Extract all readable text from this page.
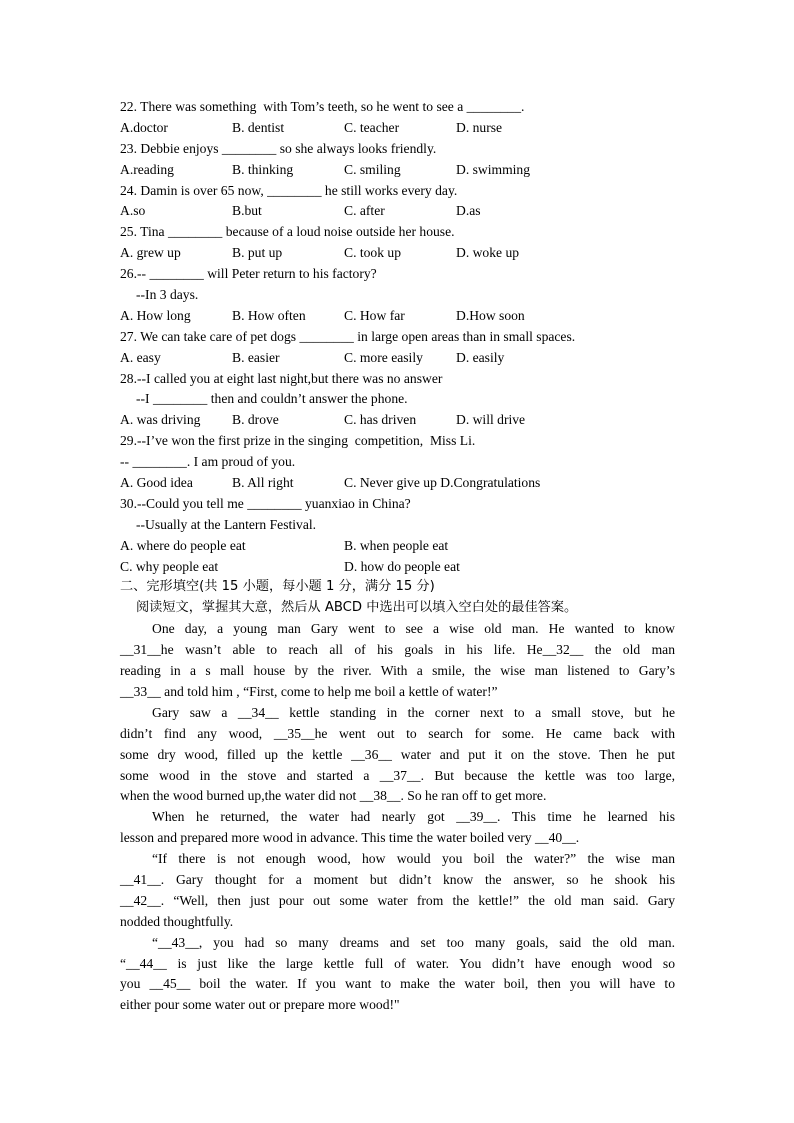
22. There was something  with Tom’s teeth, so he went to see a ________.

A.doctor

	B. dentist

	C. teacher

	D. nurse

23. Debbie enjoys ________ so she always looks friendly.

A.reading

	B. thinking

	C. smiling

	D. swimming

24. Damin is over 65 now, ________ he still works every day.

A.so

	B.but

	C. after

	D.as

25. Tina ________ because of a loud noise outside her house.

A. grew up

	B. put up

	C. took up

	D. woke up

26.-- ________ will Peter return to his factory?
--In 3 days.

A. How long

	B. How often

	C. How far

	D.How soon

27. We can take care of pet dogs ________ in large open areas than in small spaces.

A. easy

	B. easier

	C. more easily

D. easily

28.--I called you at eight last night,but there was no answer
--I ________ then and couldn’t answer the phone.

A. was driving

B. drove

	C. has driven

	D. will drive

29.--I’ve won the first prize in the singing  competition,  Miss Li.
-- ________. I am proud of you.

A. Good idea

	B. All right

	C. Never give up D.Congratulations

30.--Could you tell me ________ yuanxiao in China?
--Usually at the Lantern Festival.

A. where do people eat

	B. when people eat

C. why people eat

	D. how do people eat

二、完形填空(共 15 小题，每小题 1 分，满分 15 分)
阅读短文，掌握其大意，然后从 ABCD 中选出可以填入空白处的最佳答案。
One day, a young man Gary went to see a wise old man. He wanted to know
__31__he wasn’t able to reach all of his goals in his life. He__32__ the old man
reading in a s mall house by the river. With a smile, the wise man listened to Gary’s
__33__ and told him , “First, come to help me boil a kettle of water!”
Gary saw a __34__ kettle standing in the corner next to a small stove, but he
didn’t find any wood, __35__he went out to search for some. He came back with
some dry wood, filled up the kettle __36__ water and put it on the stove. Then he put
some wood in the stove and started a __37__. But because the kettle was too large,
when the wood burned up,the water did not __38__. So he ran off to get more.
When he returned, the water had nearly got __39__. This time he learned his
lesson and prepared more wood in advance. This time the water boiled very __40__.
“If there is not enough wood, how would you boil the water?” the wise man
__41__. Gary thought for a moment but didn’t know the answer, so he shook his
__42__. “Well, then just pour out some water from the kettle!” the old man said. Gary
nodded thoughtfully.
“__43__, you had so many dreams and set too many goals, said the old man.
“__44__ is just like the large kettle full of water. You didn’t have enough wood so
you __45__ boil the water. If you want to make the water boil, then you will have to
either pour some water out or prepare more wood!"
